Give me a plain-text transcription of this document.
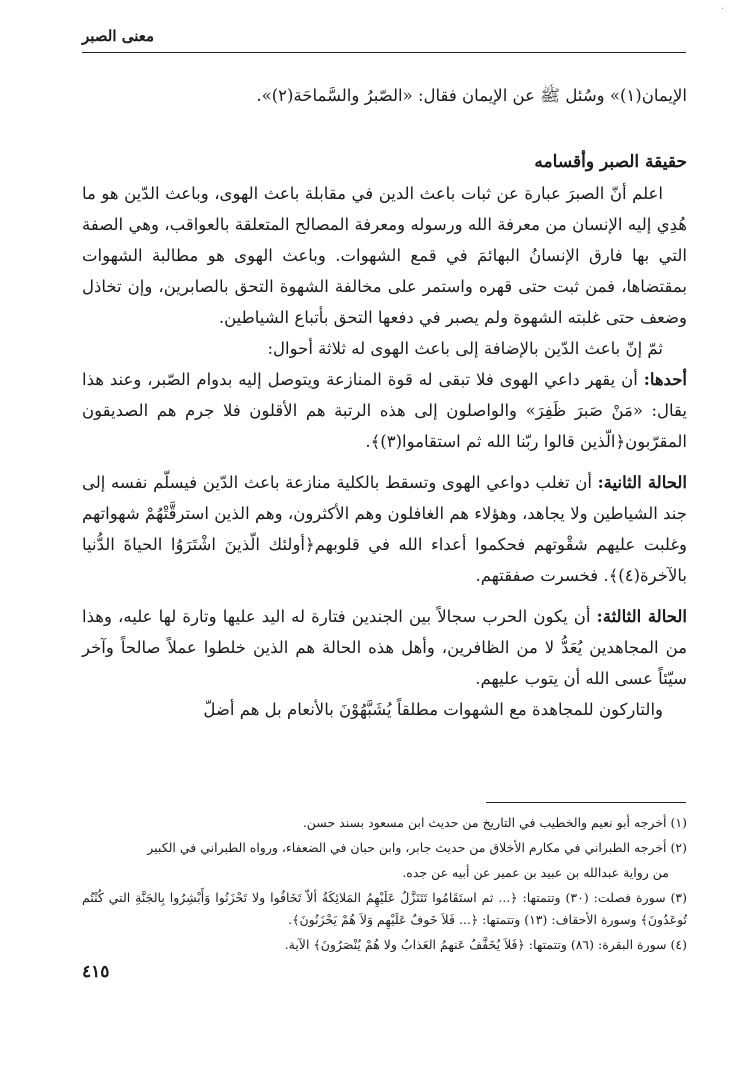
·
معنى الصبر

الإيمان(١)» وسُئل ﷺ عن الإيمان فقال: «الصّبرُ والسَّماحَة(٢)».

حقيقة الصبر وأقسامه

اعلم أنّ الصبرَ عبارة عن ثبات باعث الدين في مقابلة باعث الهوى، وباعث الدّين هو ما هُدِي إليه الإنسان من معرفة الله ورسوله ومعرفة المصالح المتعلقة بالعواقب، وهي الصفة التي بها فارق الإنسانُ البهائمَ في قمع الشهوات. وباعث الهوى هو مطالبة الشهوات بمقتضاها، فمن ثبت حتى قهره واستمر على مخالفة الشهوة التحق بالصابرين، وإن تخاذل وضعف حتى غلبته الشهوة ولم يصبر في دفعها التحق بأتباع الشياطين.

ثمّ إنّ باعث الدّين بالإضافة إلى باعث الهوى له ثلاثة أحوال:

أحدها: أن يقهر داعي الهوى فلا تبقى له قوة المنازعة ويتوصل إليه بدوام الصّبر، وعند هذا يقال: «مَنْ صَبرَ ظَفِرَ» والواصلون إلى هذه الرتبة هم الأقلون فلا جرم هم الصديقون المقرّبون﴿الّذين قالوا ربّنا الله ثم استقاموا(٣)﴾.

الحالة الثانية: أن تغلب دواعي الهوى وتسقط بالكلية منازعة باعث الدّين فيسلّم نفسه إلى جند الشياطين ولا يجاهد، وهؤلاء هم الغافلون وهم الأكثرون، وهم الذين استرقَّتْهُمْ شهواتهم وغلبت عليهم شقْوتهم فحكموا أعداء الله في قلوبهم﴿أولئك الّذينَ اشْتَرَوُا الحياةَ الدُّنيا بالآخرة(٤)﴾. فخسرت صفقتهم.

الحالة الثالثة: أن يكون الحرب سجالاً بين الجندين فتارة له اليد عليها وتارة لها عليه، وهذا من المجاهدين يُعَدُّ لا من الظافرين، وأهل هذه الحالة هم الذين خلطوا عملاً صالحاً وآخر سيّئاً عسى الله أن يتوب عليهم.

والتاركون للمجاهدة مع الشهوات مطلقاً يُشَبَّهُوْنَ بالأنعام بل هم أضلّ

(١) أخرجه أبو نعيم والخطيب في التاريخ من حديث ابن مسعود بسند حسن.

(٢) أخرجه الطبراني في مكارم الأخلاق من حديث جابر، وابن حبان في الضعفاء، ورواه الطبراني في الكبير

من رواية عبدالله بن عبيد بن عمير عن أبيه عن جده.

(٣) سورة فصلت: (٣٠) وتتمتها: ﴿... ثم استَقَامُوا تَتَنَزَّلُ عَلَيْهِمُ المَلائِكَةُ ألاّ تَخَافُوا ولا تَحْزَنُوا وَأَبْشِرُوا بِالجَنَّةِ التي كُنْتُم تُوعَدُونَ﴾ وسورة الأحقاف: (١٣) وتتمتها: ﴿... فَلاَ خَوفٌ عَلَيْهِم وَلاَ هُمْ يَحْزَنُونَ﴾.

(٤) سورة البقرة: (٨٦) وتتمتها: ﴿فَلاَ يُخَفَّفُ عَنهمُ العَذابُ ولا هُمْ يُنْصَرُونَ﴾ الآية.

٤١٥
